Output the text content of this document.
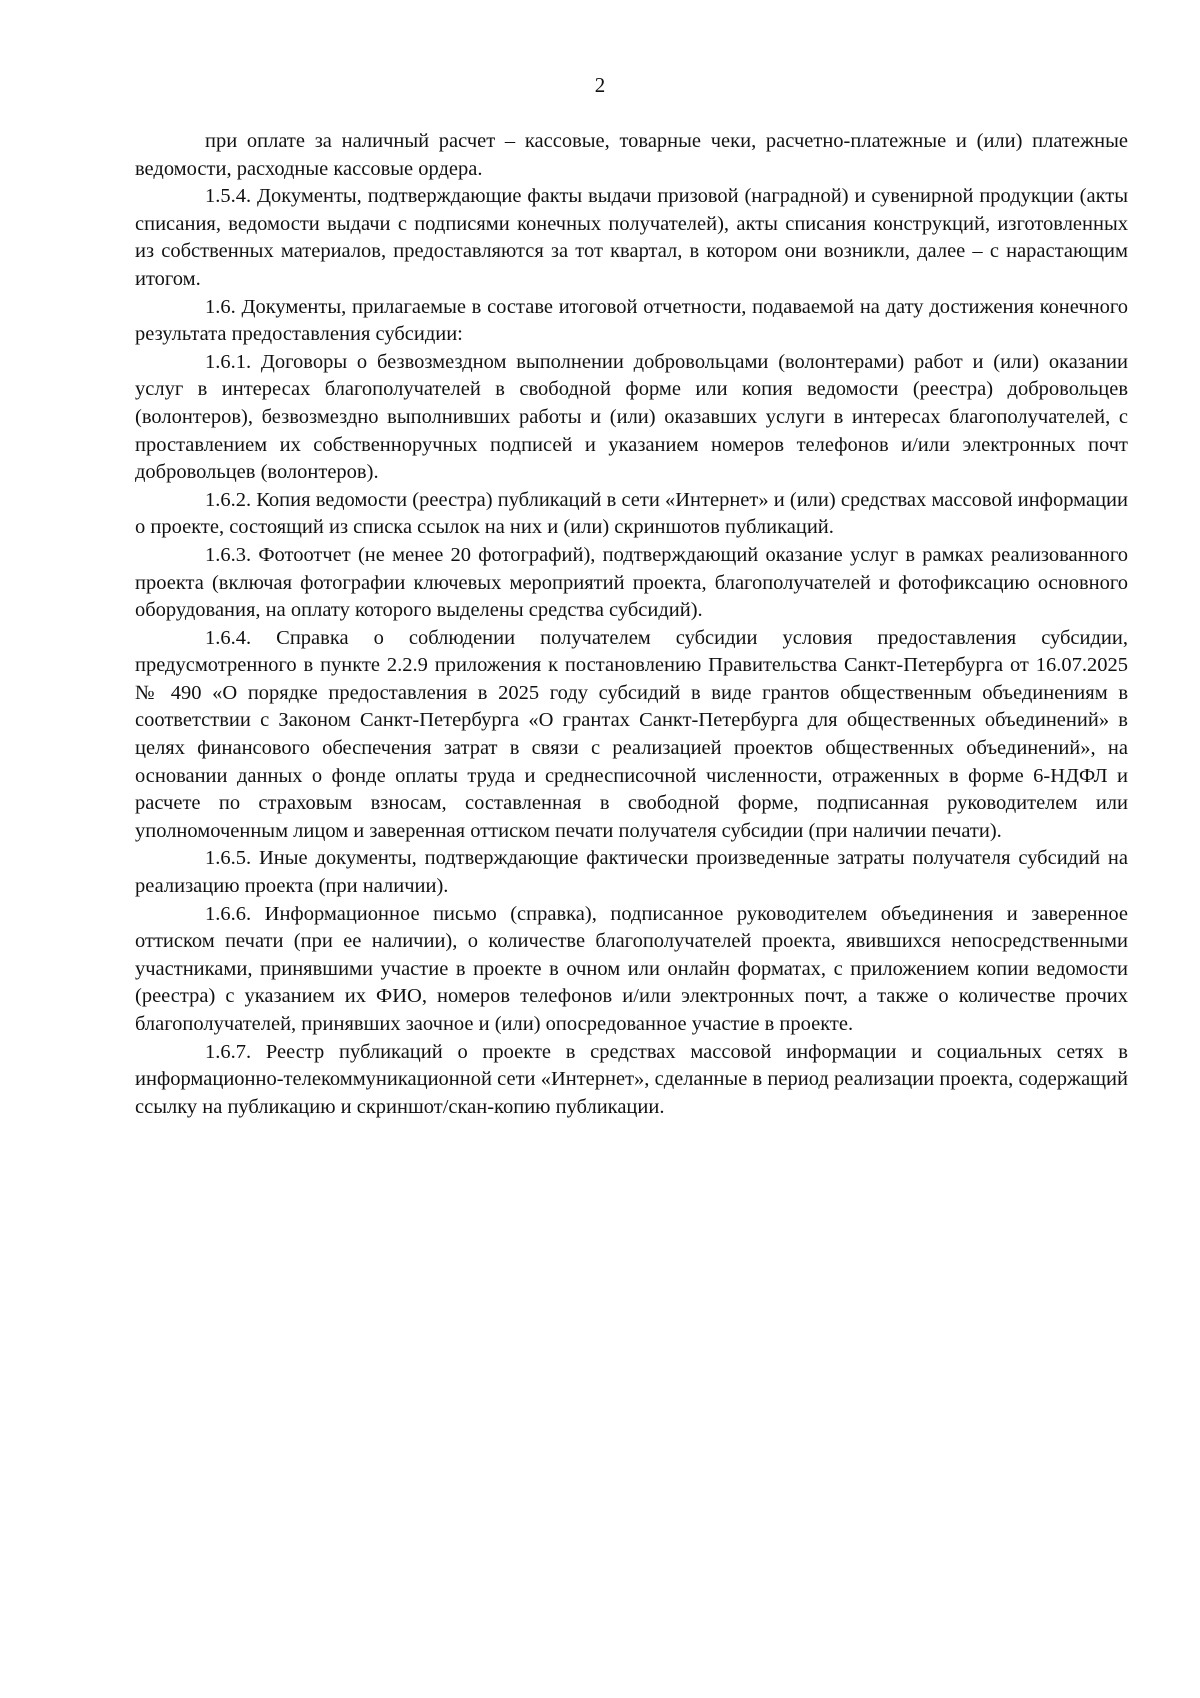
2

при оплате за наличный расчет – кассовые, товарные чеки, расчетно-платежные и (или) платежные ведомости, расходные кассовые ордера.

1.5.4. Документы, подтверждающие факты выдачи призовой (наградной) и сувенирной продукции (акты списания, ведомости выдачи с подписями конечных получателей), акты списания конструкций, изготовленных из собственных материалов, предоставляются за тот квартал, в котором они возникли, далее – с нарастающим итогом.

1.6. Документы, прилагаемые в составе итоговой отчетности, подаваемой на дату достижения конечного результата предоставления субсидии:

1.6.1. Договоры о безвозмездном выполнении добровольцами (волонтерами) работ и (или) оказании услуг в интересах благополучателей в свободной форме или копия ведомости (реестра) добровольцев (волонтеров), безвозмездно выполнивших работы и (или) оказавших услуги в интересах благополучателей, с проставлением их собственноручных подписей и указанием номеров телефонов и/или электронных почт добровольцев (волонтеров).

1.6.2. Копия ведомости (реестра) публикаций в сети «Интернет» и (или) средствах массовой информации о проекте, состоящий из списка ссылок на них и (или) скриншотов публикаций.

1.6.3. Фотоотчет (не менее 20 фотографий), подтверждающий оказание услуг в рамках реализованного проекта (включая фотографии ключевых мероприятий проекта, благополучателей и фотофиксацию основного оборудования, на оплату которого выделены средства субсидий).

1.6.4. Справка о соблюдении получателем субсидии условия предоставления субсидии, предусмотренного в пункте 2.2.9 приложения к постановлению Правительства Санкт-Петербурга от 16.07.2025 № 490 «О порядке предоставления в 2025 году субсидий в виде грантов общественным объединениям в соответствии с Законом Санкт-Петербурга «О грантах Санкт-Петербурга для общественных объединений» в целях финансового обеспечения затрат в связи с реализацией проектов общественных объединений», на основании данных о фонде оплаты труда и среднесписочной численности, отраженных в форме 6-НДФЛ и расчете по страховым взносам, составленная в свободной форме, подписанная руководителем или уполномоченным лицом и заверенная оттиском печати получателя субсидии (при наличии печати).

1.6.5. Иные документы, подтверждающие фактически произведенные затраты получателя субсидий на реализацию проекта (при наличии).

1.6.6. Информационное письмо (справка), подписанное руководителем объединения и заверенное оттиском печати (при ее наличии), о количестве благополучателей проекта, явившихся непосредственными участниками, принявшими участие в проекте в очном или онлайн форматах, с приложением копии ведомости (реестра) с указанием их ФИО, номеров телефонов и/или электронных почт, а также о количестве прочих благополучателей, принявших заочное и (или) опосредованное участие в проекте.

1.6.7. Реестр публикаций о проекте в средствах массовой информации и социальных сетях в информационно-телекоммуникационной сети «Интернет», сделанные в период реализации проекта, содержащий ссылку на публикацию и скриншот/скан-копию публикации.
